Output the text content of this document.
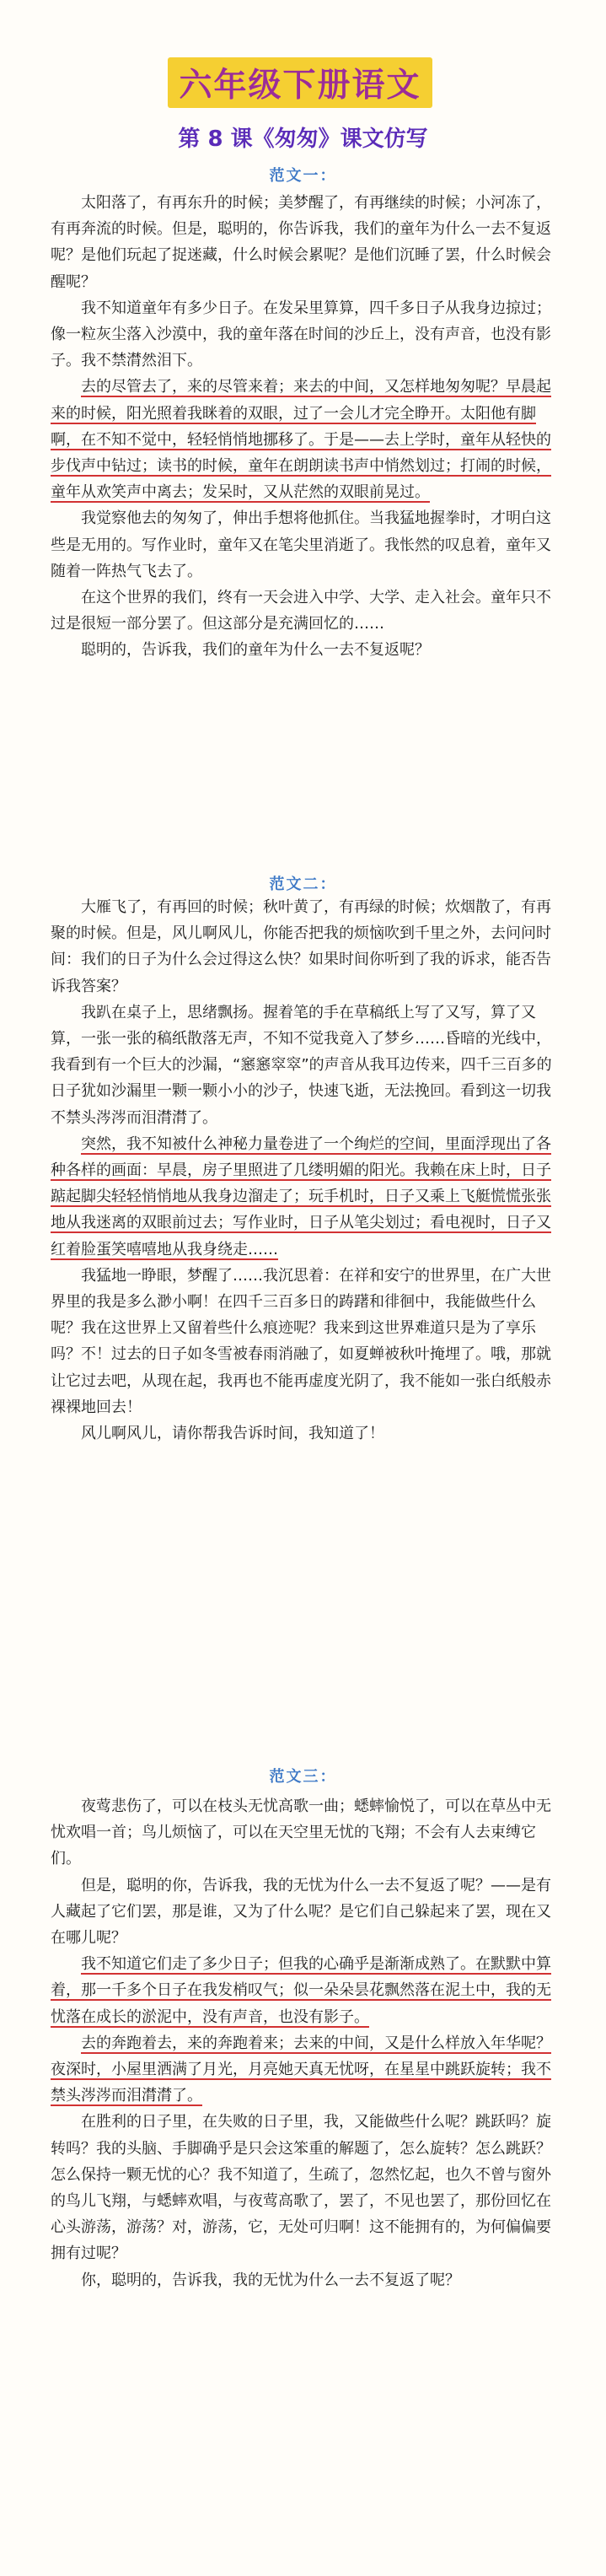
六年级下册语文
第 8 课《匆匆》课文仿写
范文一：

太阳落了，有再东升的时候；美梦醒了，有再继续的时候；小河冻了，有再奔流的时候。但是，聪明的，你告诉我，我们的童年为什么一去不复返呢？是他们玩起了捉迷藏，什么时候会累呢？是他们沉睡了罢，什么时候会醒呢？

我不知道童年有多少日子。在发呆里算算，四千多日子从我身边掠过；像一粒灰尘落入沙漠中，我的童年落在时间的沙丘上，没有声音，也没有影子。我不禁潸然泪下。

去的尽管去了，来的尽管来着；来去的中间，又怎样地匆匆呢？早晨起来的时候，阳光照着我眯着的双眼，过了一会儿才完全睁开。太阳他有脚啊，在不知不觉中，轻轻悄悄地挪移了。于是——去上学时，童年从轻快的步伐声中钻过；读书的时候，童年在朗朗读书声中悄然划过；打闹的时候，童年从欢笑声中离去；发呆时，又从茫然的双眼前晃过。

我觉察他去的匆匆了，伸出手想将他抓住。当我猛地握拳时，才明白这些是无用的。写作业时，童年又在笔尖里消逝了。我怅然的叹息着，童年又随着一阵热气飞去了。

在这个世界的我们，终有一天会进入中学、大学、走入社会。童年只不过是很短一部分罢了。但这部分是充满回忆的……

聪明的，告诉我，我们的童年为什么一去不复返呢？

范文二：

大雁飞了，有再回的时候；秋叶黄了，有再绿的时候；炊烟散了，有再聚的时候。但是，风儿啊风儿，你能否把我的烦恼吹到千里之外，去问问时间：我们的日子为什么会过得这么快？如果时间你听到了我的诉求，能否告诉我答案？

我趴在桌子上，思绪飘扬。握着笔的手在草稿纸上写了又写，算了又算，一张一张的稿纸散落无声，不知不觉我竟入了梦乡……昏暗的光线中，我看到有一个巨大的沙漏，“窸窸窣窣”的声音从我耳边传来，四千三百多的日子犹如沙漏里一颗一颗小小的沙子，快速飞逝，无法挽回。看到这一切我不禁头涔涔而泪潸潸了。

突然，我不知被什么神秘力量卷进了一个绚烂的空间，里面浮现出了各种各样的画面：早晨，房子里照进了几缕明媚的阳光。我赖在床上时，日子踮起脚尖轻轻悄悄地从我身边溜走了；玩手机时，日子又乘上飞艇慌慌张张地从我迷离的双眼前过去；写作业时，日子从笔尖划过；看电视时，日子又红着脸蛋笑嘻嘻地从我身绕走……

我猛地一睁眼，梦醒了……我沉思着：在祥和安宁的世界里，在广大世界里的我是多么渺小啊！在四千三百多日的踌躇和徘徊中，我能做些什么呢？我在这世界上又留着些什么痕迹呢？我来到这世界难道只是为了享乐吗？不！过去的日子如冬雪被春雨消融了，如夏蝉被秋叶掩埋了。哦，那就让它过去吧，从现在起，我再也不能再虚度光阴了，我不能如一张白纸般赤裸裸地回去！

风儿啊风儿，请你帮我告诉时间，我知道了！

范文三：

夜莺悲伤了，可以在枝头无忧高歌一曲；蟋蟀愉悦了，可以在草丛中无忧欢唱一首；鸟儿烦恼了，可以在天空里无忧的飞翔；不会有人去束缚它们。

但是，聪明的你，告诉我，我的无忧为什么一去不复返了呢？——是有人藏起了它们罢，那是谁，又为了什么呢？是它们自己躲起来了罢，现在又在哪儿呢？

我不知道它们走了多少日子；但我的心确乎是渐渐成熟了。在默默中算着，那一千多个日子在我发梢叹气；似一朵朵昙花飘然落在泥土中，我的无忧落在成长的淤泥中，没有声音，也没有影子。

去的奔跑着去，来的奔跑着来；去来的中间，又是什么样放入年华呢？夜深时，小屋里洒满了月光，月亮她天真无忧呀，在星星中跳跃旋转；我不禁头涔涔而泪潸潸了。

在胜利的日子里，在失败的日子里，我，又能做些什么呢？跳跃吗？旋转吗？我的头脑、手脚确乎是只会这笨重的解题了，怎么旋转？怎么跳跃？怎么保持一颗无忧的心？我不知道了，生疏了，忽然忆起，也久不曾与窗外的鸟儿飞翔，与蟋蟀欢唱，与夜莺高歌了，罢了，不见也罢了，那份回忆在心头游荡，游荡？对，游荡，它，无处可归啊！这不能拥有的，为何偏偏要拥有过呢？

你，聪明的，告诉我，我的无忧为什么一去不复返了呢？
